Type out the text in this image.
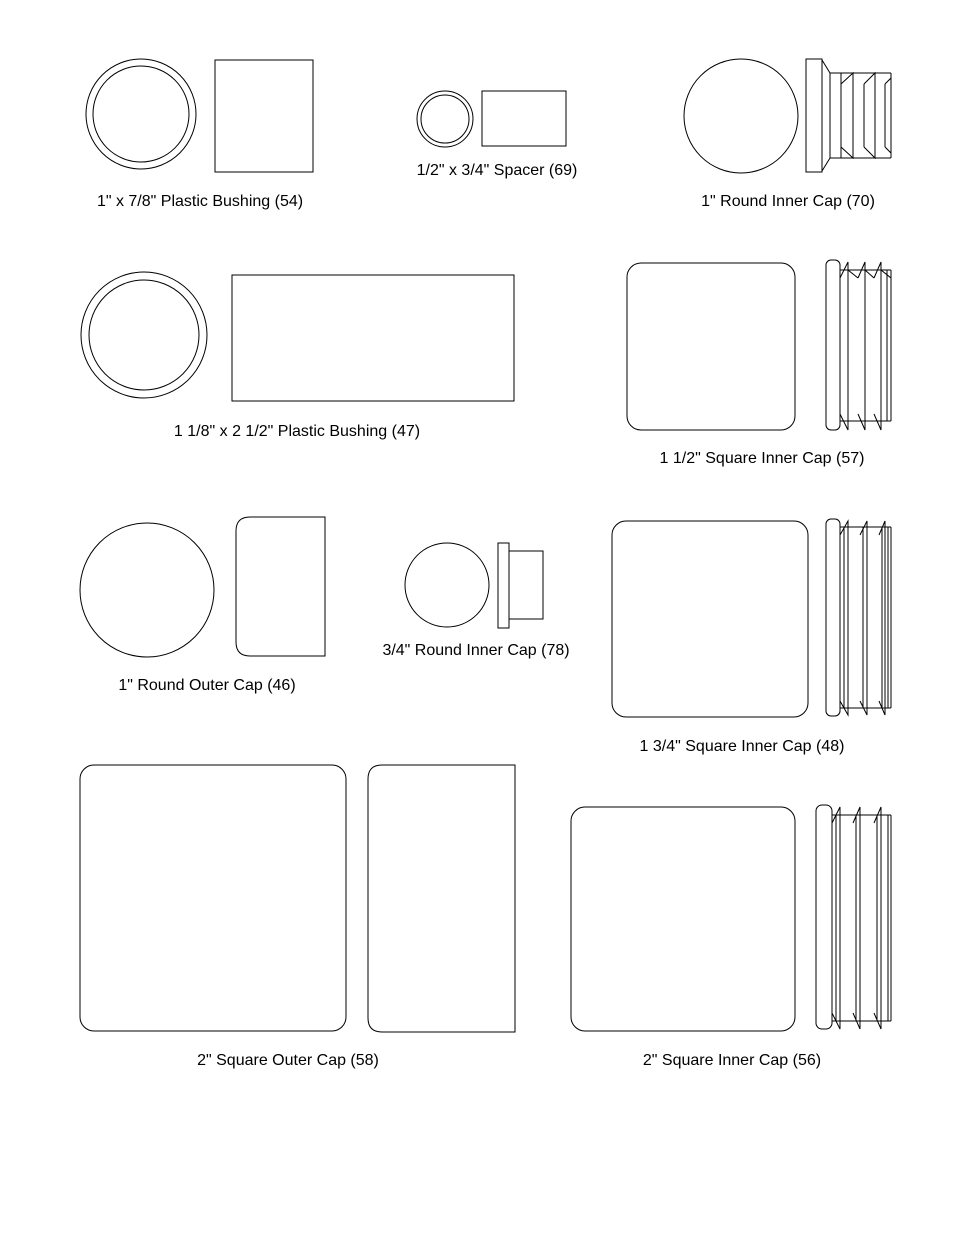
1" x 7/8" Plastic Bushing (54)
1/2" x 3/4" Spacer (69)
1" Round Inner Cap (70)
1 1/8" x 2 1/2" Plastic Bushing (47)
1 1/2" Square Inner Cap (57)
1" Round Outer Cap (46)
3/4" Round Inner Cap (78)
1 3/4" Square Inner Cap (48)
2" Square Outer Cap (58)	2" Square Inner Cap (56)
